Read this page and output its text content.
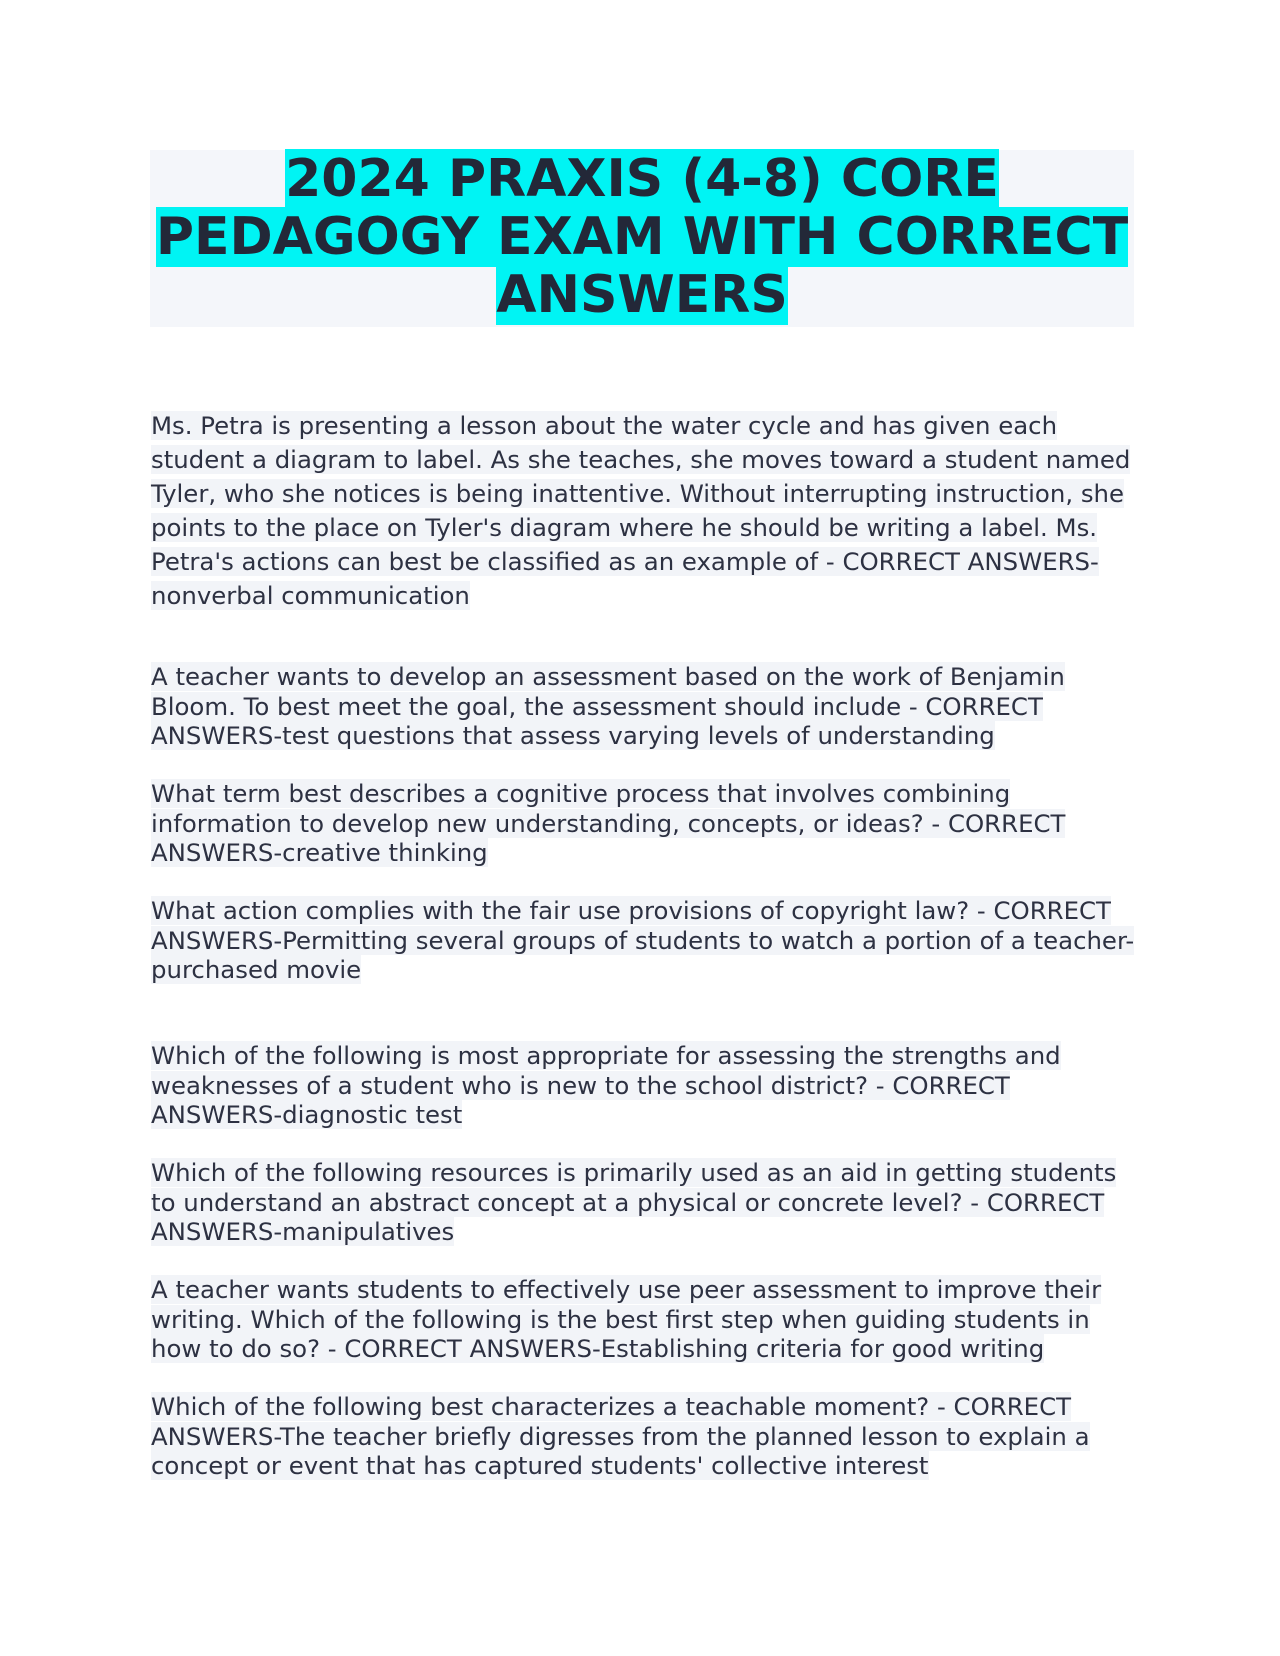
2024 PRAXIS (4-8) CORE PEDAGOGY EXAM WITH CORRECT ANSWERS

Ms. Petra is presenting a lesson about the water cycle and has given each student a diagram to label. As she teaches, she moves toward a student named Tyler, who she notices is being inattentive. Without interrupting instruction, she points to the place on Tyler's diagram where he should be writing a label. Ms. Petra's actions can best be classified as an example of - CORRECT ANSWERS-nonverbal communication

A teacher wants to develop an assessment based on the work of Benjamin Bloom. To best meet the goal, the assessment should include - CORRECT ANSWERS-test questions that assess varying levels of understanding

What term best describes a cognitive process that involves combining information to develop new understanding, concepts, or ideas? - CORRECT ANSWERS-creative thinking

What action complies with the fair use provisions of copyright law? - CORRECT ANSWERS-Permitting several groups of students to watch a portion of a teacher-purchased movie

Which of the following is most appropriate for assessing the strengths and weaknesses of a student who is new to the school district? - CORRECT ANSWERS-diagnostic test

Which of the following resources is primarily used as an aid in getting students to understand an abstract concept at a physical or concrete level? - CORRECT ANSWERS-manipulatives

A teacher wants students to effectively use peer assessment to improve their writing. Which of the following is the best first step when guiding students in how to do so? - CORRECT ANSWERS-Establishing criteria for good writing

Which of the following best characterizes a teachable moment? - CORRECT ANSWERS-The teacher briefly digresses from the planned lesson to explain a concept or event that has captured students' collective interest
